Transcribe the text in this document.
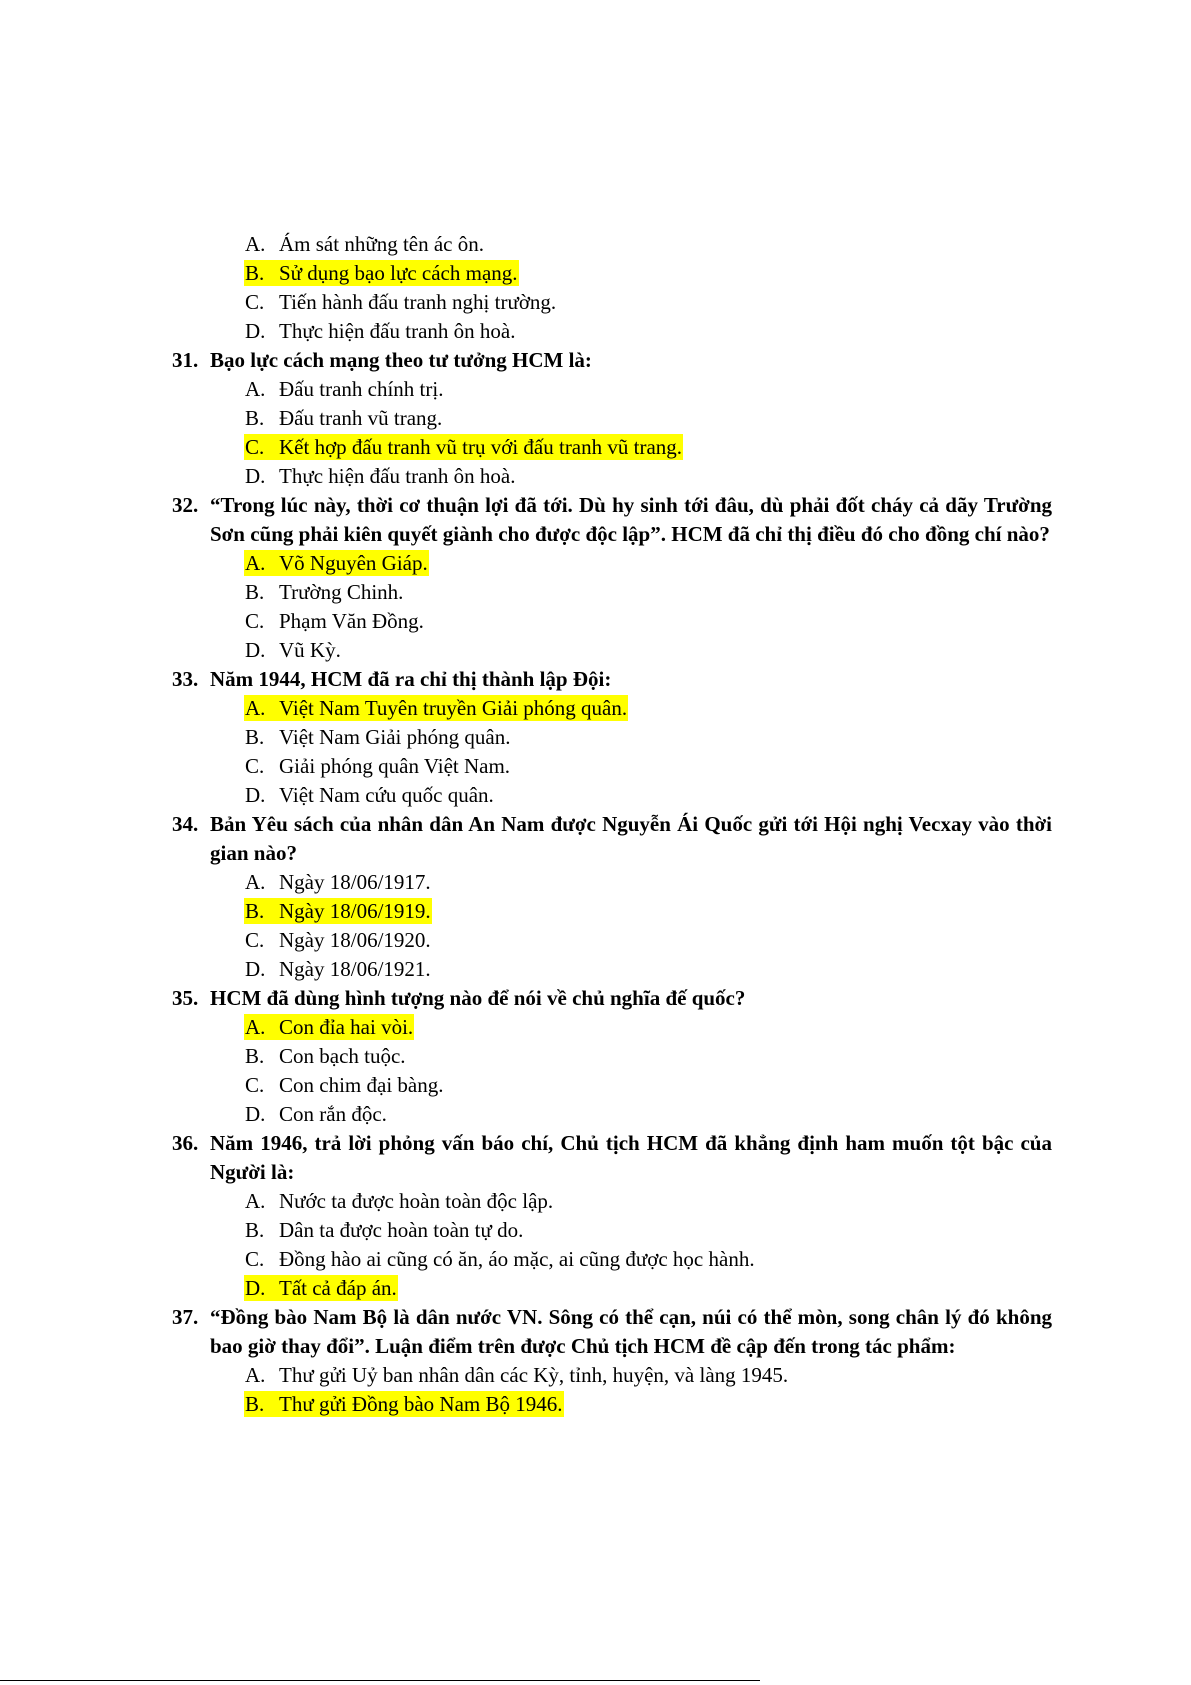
A. Ám sát những tên ác ôn.
B. Sử dụng bạo lực cách mạng.
C. Tiến hành đấu tranh nghị trường.
D. Thực hiện đấu tranh ôn hoà.
31. Bạo lực cách mạng theo tư tưởng HCM là:
A. Đấu tranh chính trị.
B. Đấu tranh vũ trang.
C. Kết hợp đấu tranh vũ trụ với đấu tranh vũ trang.
D. Thực hiện đấu tranh ôn hoà.
32. “Trong lúc này, thời cơ thuận lợi đã tới. Dù hy sinh tới đâu, dù phải đốt cháy cả dãy Trường Sơn cũng phải kiên quyết giành cho được độc lập”. HCM đã chỉ thị điều đó cho đồng chí nào?
A. Võ Nguyên Giáp.
B. Trường Chinh.
C. Phạm Văn Đồng.
D. Vũ Kỳ.
33. Năm 1944, HCM đã ra chỉ thị thành lập Đội:
A. Việt Nam Tuyên truyền Giải phóng quân.
B. Việt Nam Giải phóng quân.
C. Giải phóng quân Việt Nam.
D. Việt Nam cứu quốc quân.
34. Bản Yêu sách của nhân dân An Nam được Nguyễn Ái Quốc gửi tới Hội nghị Vecxay vào thời gian nào?
A. Ngày 18/06/1917.
B. Ngày 18/06/1919.
C. Ngày 18/06/1920.
D. Ngày 18/06/1921.
35. HCM đã dùng hình tượng nào để nói về chủ nghĩa đế quốc?
A. Con đỉa hai vòi.
B. Con bạch tuộc.
C. Con chim đại bàng.
D. Con rắn độc.
36. Năm 1946, trả lời phỏng vấn báo chí, Chủ tịch HCM đã khẳng định ham muốn tột bậc của Người là:
A. Nước ta được hoàn toàn độc lập.
B. Dân ta được hoàn toàn tự do.
C. Đồng hào ai cũng có ăn, áo mặc, ai cũng được học hành.
D. Tất cả đáp án.
37. “Đồng bào Nam Bộ là dân nước VN. Sông có thể cạn, núi có thể mòn, song chân lý đó không bao giờ thay đổi”. Luận điểm trên được Chủ tịch HCM đề cập đến trong tác phẩm:
A. Thư gửi Uỷ ban nhân dân các Kỳ, tỉnh, huyện, và làng 1945.
B. Thư gửi Đồng bào Nam Bộ 1946.
